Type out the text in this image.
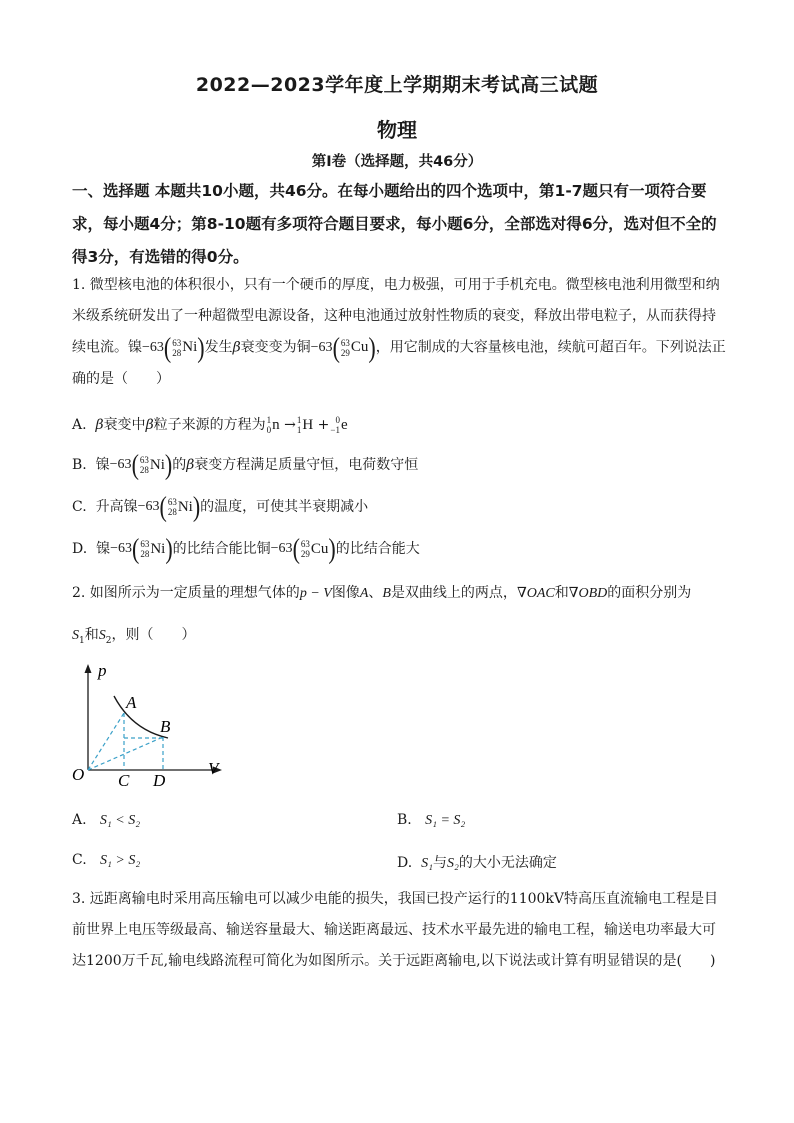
2022—2023学年度上学期期末考试高三试题
物理
第Ⅰ卷（选择题，共46分）
一、选择题 本题共10小题，共46分。在每小题给出的四个选项中，第1-7题只有一项符合要求，每小题4分；第8-10题有多项符合题目要求，每小题6分，全部选对得6分，选对但不全的得3分，有选错的得0分。
1. 微型核电池的体积很小，只有一个硬币的厚度，电力极强，可用于手机充电。微型核电池利用微型和纳米级系统研发出了一种超微型电源设备，这种电池通过放射性物质的衰变，释放出带电粒子，从而获得持续电流。镍 −63 ( 63
28 Ni ) 发生β衰变变为铜 −63 ( 63
29 Cu ) ，用它制成的大容量核电池，续航可超百年。下列说法正确的是（　　）
A. β衰变中β粒子来源的方程为 1
0 n → 1
1 H + 0
−1 e
B. 镍 −63 ( 63
28 Ni ) 的β衰变方程满足质量守恒，电荷数守恒
C. 升高镍 −63 ( 63
28 Ni ) 的温度，可使其半衰期减小
D. 镍 −63 ( 63
28 Ni ) 的比结合能比铜 −63 ( 63
29 Cu ) 的比结合能大
2. 如图所示为一定质量的理想气体的p − V图像A、B是双曲线上的两点，∇OAC和∇OBD的面积分别为
$S_1$和$S_2$，则（　　）
p
V
O
A
B
C D
A. S₁ < S₂	B. S₁ = S₂
C. S₁ > S₂	D. S₁与S₂的大小无法确定
3. 远距离输电时采用高压输电可以减少电能的损失，我国已投产运行的1100kV特高压直流输电工程是目前世界上电压等级最高、输送容量最大、输送距离最远、技术水平最先进的输电工程，输送电功率最大可达1200万千瓦,输电线路流程可简化为如图所示。关于远距离输电,以下说法或计算有明显错误的是(　　)
